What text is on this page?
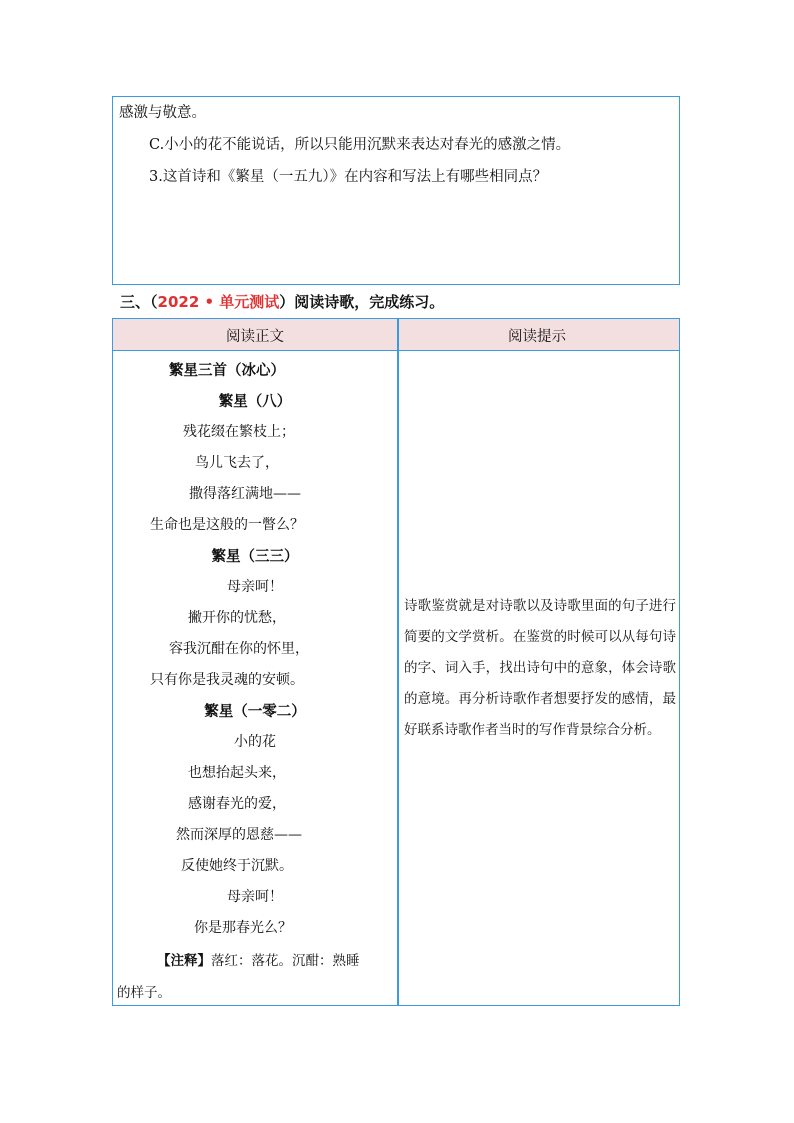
感激与敬意。

C.小小的花不能说话，所以只能用沉默来表达对春光的感激之情。

3.这首诗和《繁星（一五九）》在内容和写法上有哪些相同点？

三、（2022 • 单元测试）阅读诗歌，完成练习。
阅读正文	阅读提示
繁星三首（冰心）
繁星（八）
残花缀在繁枝上；
鸟儿飞去了，
撒得落红满地——
生命也是这般的一瞥么？
繁星（三三）
母亲呵！
撇开你的忧愁，
容我沉酣在你的怀里，
只有你是我灵魂的安顿。
繁星（一零二）
小的花
也想抬起头来，
感谢春光的爱，
然而深厚的恩慈——
反使她终于沉默。
母亲呵！
你是那春光么？
【注释】落红：落花。沉酣：熟睡
的样子。
诗歌鉴赏就是对诗歌以及诗歌里面的句子进行简要的文学赏析。在鉴赏的时候可以从每句诗的字、词入手，找出诗句中的意象，体会诗歌的意境。再分析诗歌作者想要抒发的感情，最好联系诗歌作者当时的写作背景综合分析。
